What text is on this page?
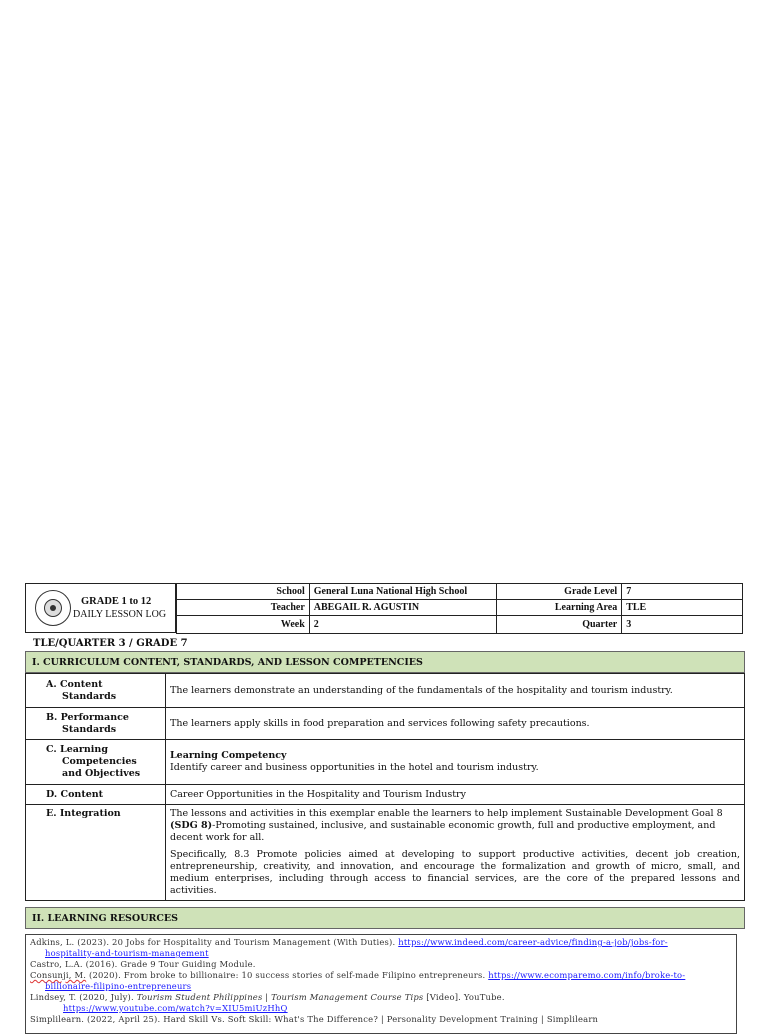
GRADE 1 to 12
DAILY LESSON LOG
School	General Luna National High School	Grade Level	7
Teacher	ABEGAIL R. AGUSTIN	Learning Area	TLE
Week	2	Quarter	3
TLE/QUARTER 3 / GRADE 7
I. CURRICULUM CONTENT, STANDARDS, AND LESSON COMPETENCIES
A. Content
Standards	The learners demonstrate an understanding of the fundamentals of the hospitality and tourism industry.
B. Performance
Standards	The learners apply skills in food preparation and services following safety precautions.
C. Learning
Competencies
and Objectives	Learning Competency
Identify career and business opportunities in the hotel and tourism industry.
D. Content	Career Opportunities in the Hospitality and Tourism Industry
E. Integration	The lessons and activities in this exemplar enable the learners to help implement Sustainable Development Goal 8 (SDG 8)-Promoting sustained, inclusive, and sustainable economic growth, full and productive employment, and decent work for all.
Specifically, 8.3 Promote policies aimed at developing to support productive activities, decent job creation, entrepreneurship, creativity, and innovation, and encourage the formalization and growth of micro, small, and medium enterprises, including through access to financial services, are the core of the prepared lessons and activities.
II. LEARNING RESOURCES
Adkins, L. (2023). 20 Jobs for Hospitality and Tourism Management (With Duties). https://www.indeed.com/career-advice/finding-a-job/jobs-for-
hospitality-and-tourism-management
Castro, L.A. (2016). Grade 9 Tour Guiding Module.
Consunji, M. (2020). From broke to billionaire: 10 success stories of self-made Filipino entrepreneurs. https://www.ecomparemo.com/info/broke-to-
billionaire-filipino-entrepreneurs
Lindsey, T. (2020, July). Tourism Student Philippines | Tourism Management Course Tips [Video]. YouTube.
https://www.youtube.com/watch?v=XIU5miUzHhQ
Simplilearn. (2022, April 25). Hard Skill Vs. Soft Skill: What's The Difference? | Personality Development Training | Simplilearn
